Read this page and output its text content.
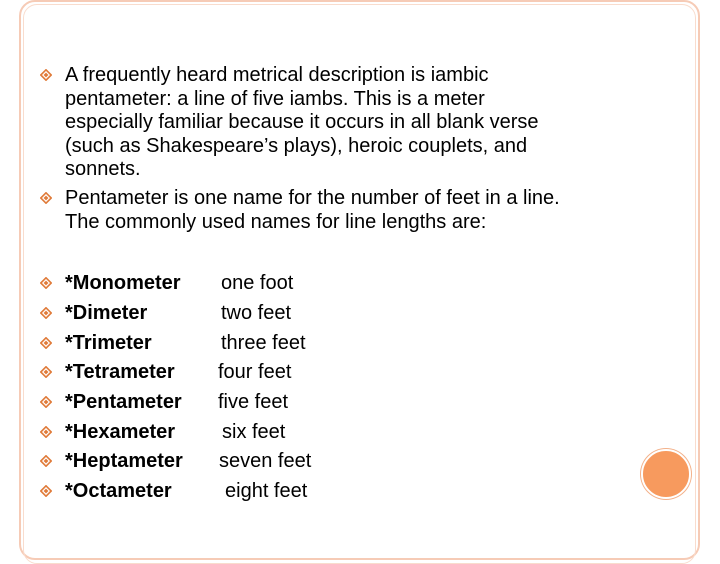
A frequently heard metrical description is iambic
pentameter: a line of five iambs. This is a meter
especially familiar because it occurs in all blank verse
(such as Shakespeare’s plays), heroic couplets, and
sonnets.
Pentameter is one name for the number of feet in a line.
The commonly used names for line lengths are:
*Monometer one foot
*Dimeter	two feet
*Trimeter	three feet
*Tetrameter four feet
*Pentameter five feet
*Hexameter six feet
*Heptameter seven feet
*Octameter	eight feet
